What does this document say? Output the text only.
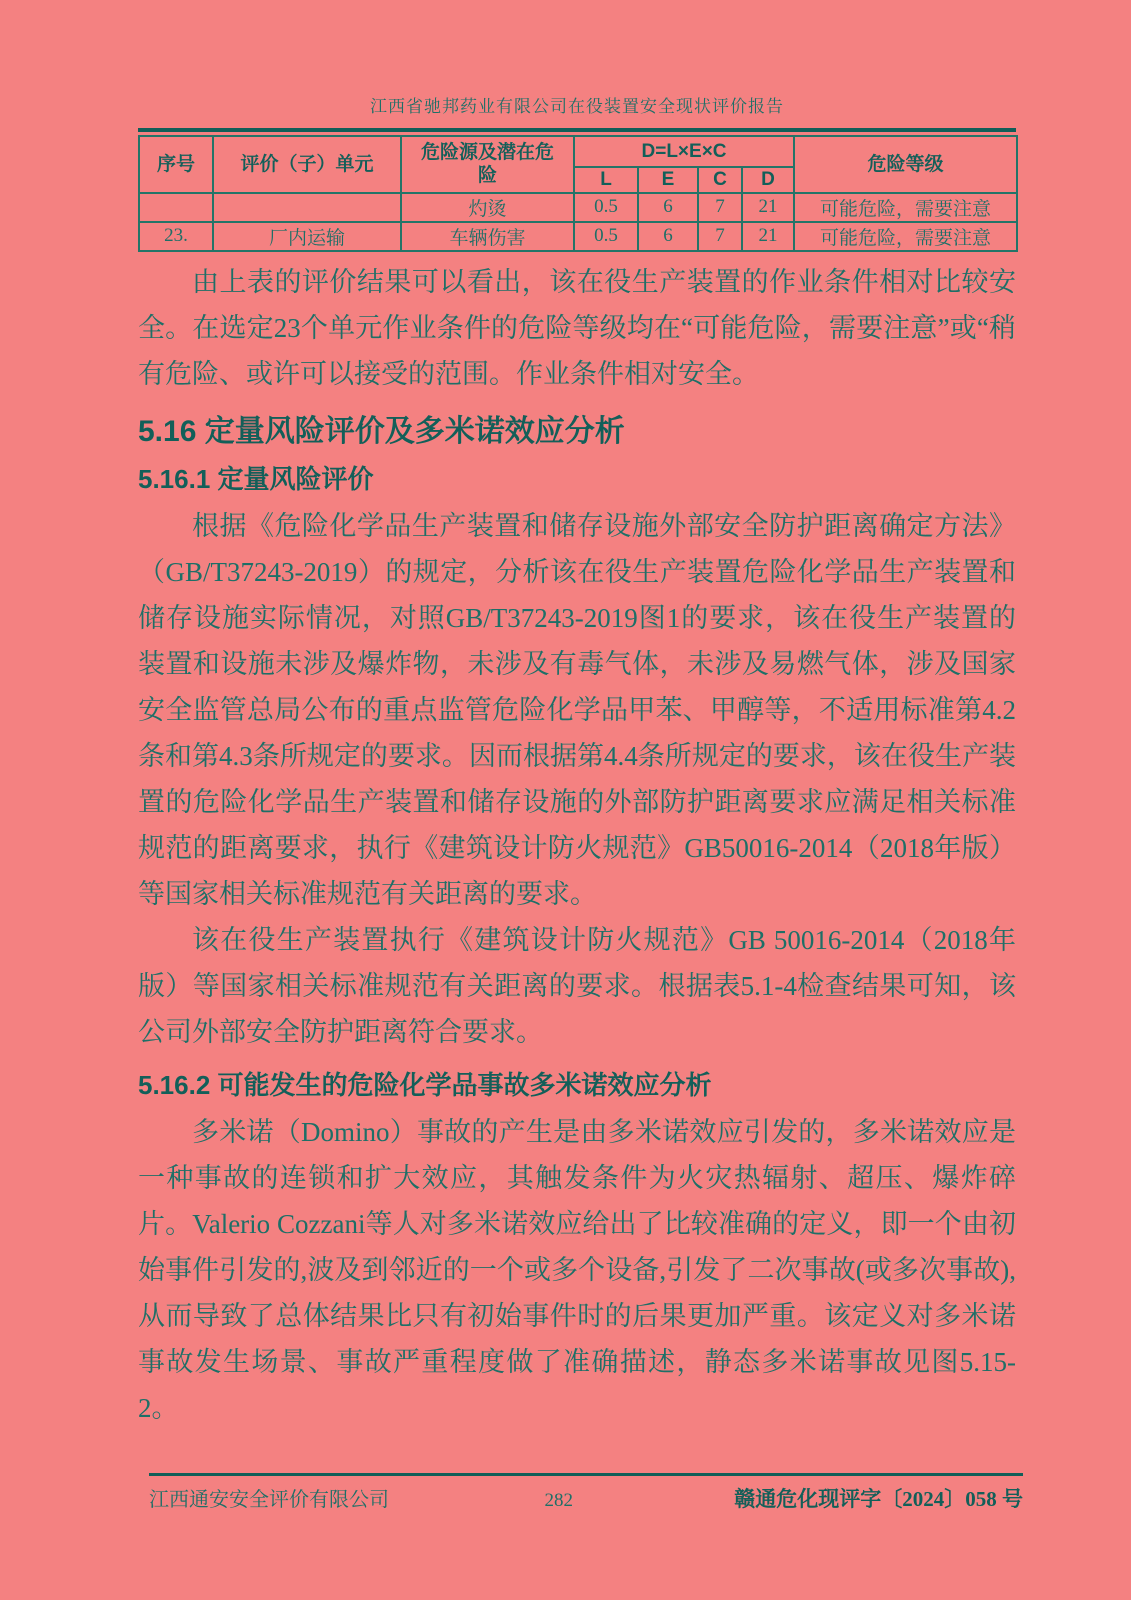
江西省驰邦药业有限公司在役装置安全现状评价报告
序号	评价（子）单元	危险源及潜在危险	D=L×E×C				危险等级
			L	E	C	D	
		灼烫	0.5	6	7	21	可能危险，需要注意
23.	厂内运输	车辆伤害	0.5	6	7	21	可能危险，需要注意

由上表的评价结果可以看出，该在役生产装置的作业条件相对比较安全。在选定23个单元作业条件的危险等级均在“可能危险，需要注意”或“稍有危险、或许可以接受的范围。作业条件相对安全。

5.16 定量风险评价及多米诺效应分析
5.16.1 定量风险评价

根据《危险化学品生产装置和储存设施外部安全防护距离确定方法》（GB/T37243-2019）的规定，分析该在役生产装置危险化学品生产装置和储存设施实际情况，对照GB/T37243-2019图1的要求，该在役生产装置的装置和设施未涉及爆炸物，未涉及有毒气体，未涉及易燃气体，涉及国家安全监管总局公布的重点监管危险化学品甲苯、甲醇等，不适用标准第4.2条和第4.3条所规定的要求。因而根据第4.4条所规定的要求，该在役生产装置的危险化学品生产装置和储存设施的外部防护距离要求应满足相关标准规范的距离要求，执行《建筑设计防火规范》GB50016-2014（2018年版）等国家相关标准规范有关距离的要求。

该在役生产装置执行《建筑设计防火规范》GB 50016-2014（2018年版）等国家相关标准规范有关距离的要求。根据表5.1-4检查结果可知，该公司外部安全防护距离符合要求。

5.16.2 可能发生的危险化学品事故多米诺效应分析

多米诺（Domino）事故的产生是由多米诺效应引发的，多米诺效应是一种事故的连锁和扩大效应，其触发条件为火灾热辐射、超压、爆炸碎片。Valerio Cozzani等人对多米诺效应给出了比较准确的定义，即一个由初始事件引发的,波及到邻近的一个或多个设备,引发了二次事故(或多次事故),从而导致了总体结果比只有初始事件时的后果更加严重。该定义对多米诺事故发生场景、事故严重程度做了准确描述，静态多米诺事故见图5.15-2。

江西通安安全评价有限公司	282	赣通危化现评字〔2024〕058 号
